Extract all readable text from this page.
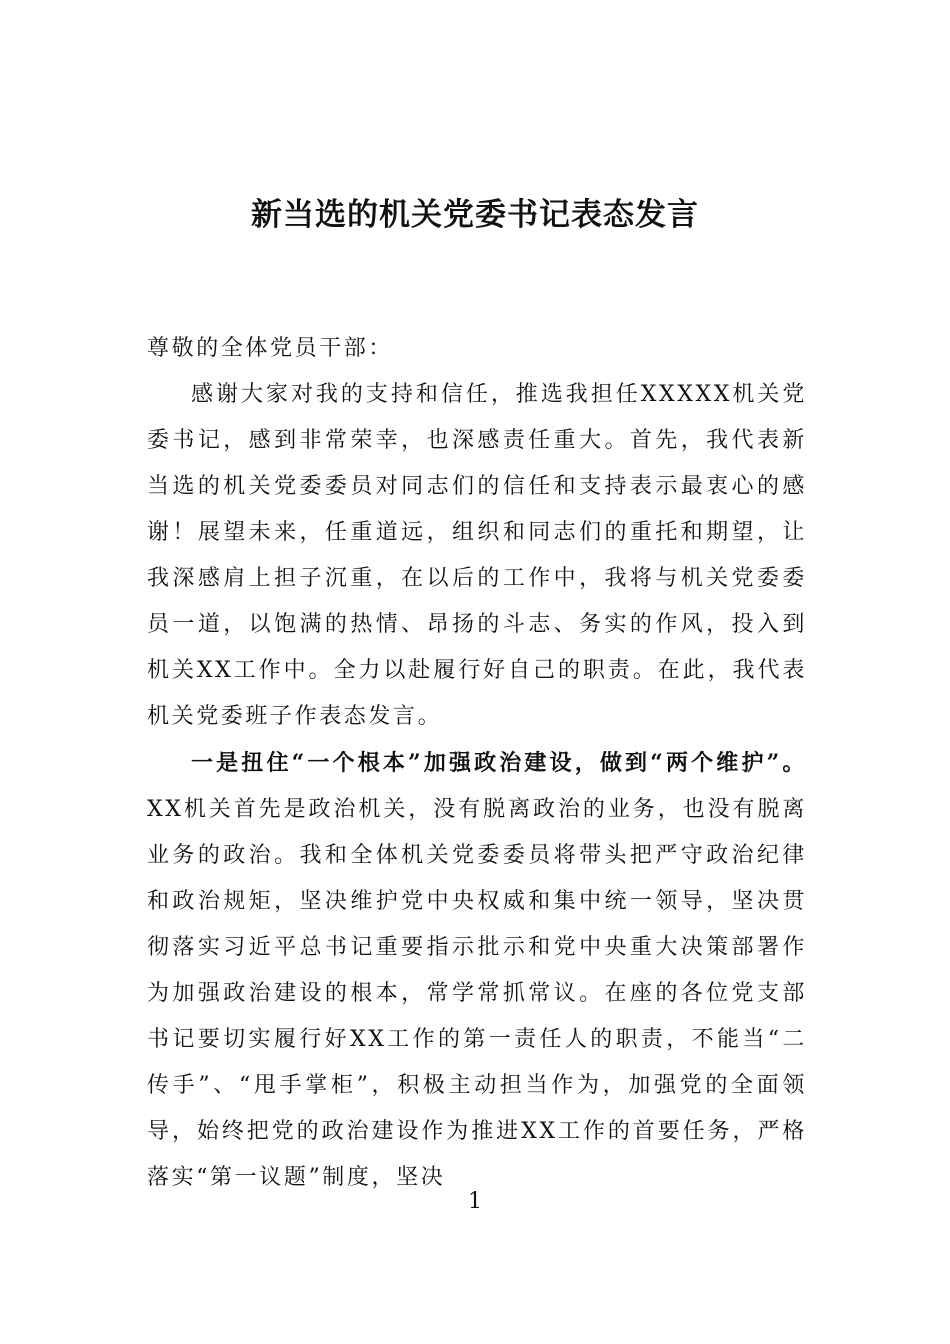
新当选的机关党委书记表态发言

尊敬的全体党员干部：

感谢大家对我的支持和信任，推选我担任XXXXX机关党委书记，感到非常荣幸，也深感责任重大。首先，我代表新当选的机关党委委员对同志们的信任和支持表示最衷心的感谢！展望未来，任重道远，组织和同志们的重托和期望，让我深感肩上担子沉重，在以后的工作中，我将与机关党委委员一道，以饱满的热情、昂扬的斗志、务实的作风，投入到机关XX工作中。全力以赴履行好自己的职责。在此，我代表机关党委班子作表态发言。

一是扭住“一个根本”加强政治建设，做到“两个维护”。XX机关首先是政治机关，没有脱离政治的业务，也没有脱离业务的政治。我和全体机关党委委员将带头把严守政治纪律和政治规矩，坚决维护党中央权威和集中统一领导，坚决贯彻落实习近平总书记重要指示批示和党中央重大决策部署作为加强政治建设的根本，常学常抓常议。在座的各位党支部书记要切实履行好XX工作的第一责任人的职责，不能当“二传手”、“甩手掌柜”，积极主动担当作为，加强党的全面领导，始终把党的政治建设作为推进XX工作的首要任务，严格落实“第一议题”制度，坚决

1
